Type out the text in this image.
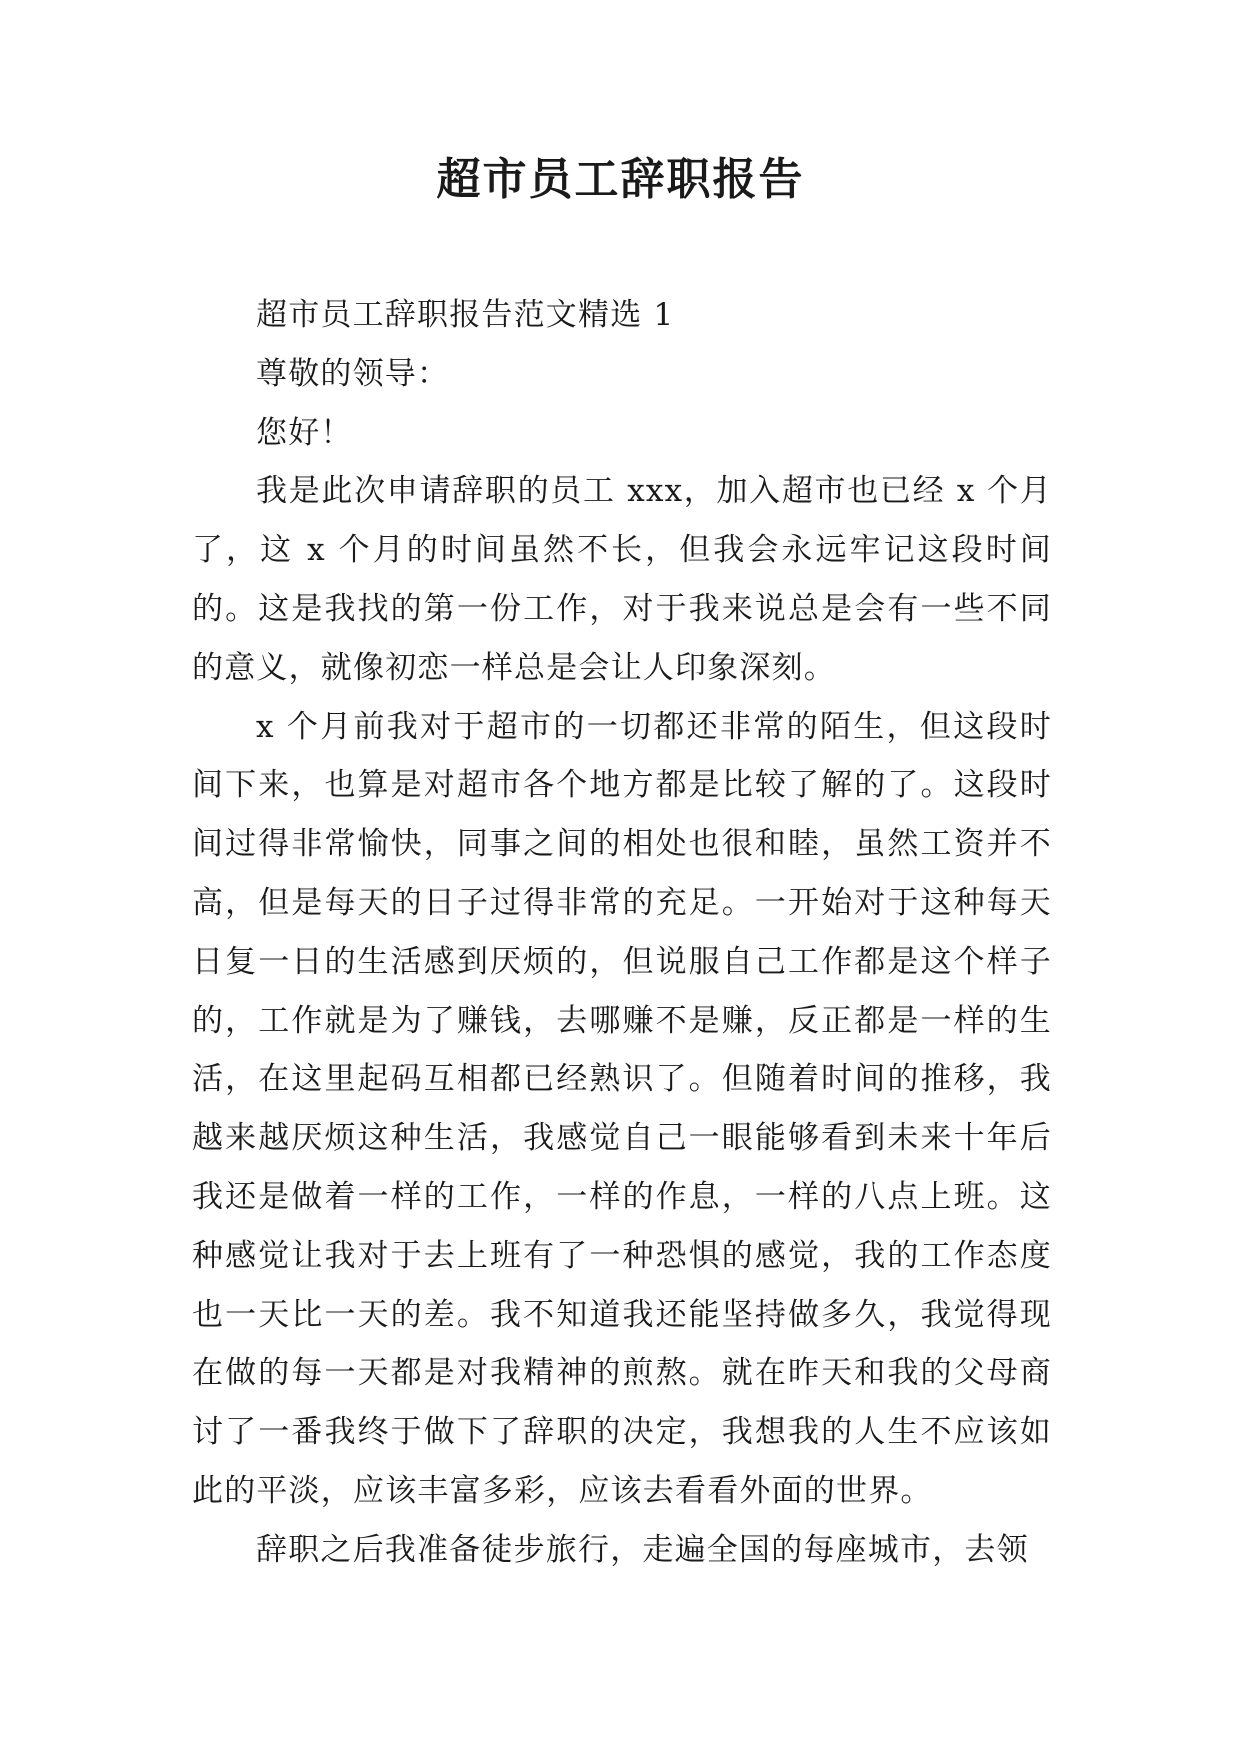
超市员工辞职报告

超市员工辞职报告范文精选 1

尊敬的领导：

您好！

我是此次申请辞职的员工 xxx，加入超市也已经 x 个月了，这 x 个月的时间虽然不长，但我会永远牢记这段时间的。这是我找的第一份工作，对于我来说总是会有一些不同的意义，就像初恋一样总是会让人印象深刻。

x 个月前我对于超市的一切都还非常的陌生，但这段时间下来，也算是对超市各个地方都是比较了解的了。这段时间过得非常愉快，同事之间的相处也很和睦，虽然工资并不高，但是每天的日子过得非常的充足。一开始对于这种每天日复一日的生活感到厌烦的，但说服自己工作都是这个样子的，工作就是为了赚钱，去哪赚不是赚，反正都是一样的生活，在这里起码互相都已经熟识了。但随着时间的推移，我越来越厌烦这种生活，我感觉自己一眼能够看到未来十年后我还是做着一样的工作，一样的作息，一样的八点上班。这种感觉让我对于去上班有了一种恐惧的感觉，我的工作态度也一天比一天的差。我不知道我还能坚持做多久，我觉得现在做的每一天都是对我精神的煎熬。就在昨天和我的父母商讨了一番我终于做下了辞职的决定，我想我的人生不应该如此的平淡，应该丰富多彩，应该去看看外面的世界。

辞职之后我准备徒步旅行，走遍全国的每座城市，去领
